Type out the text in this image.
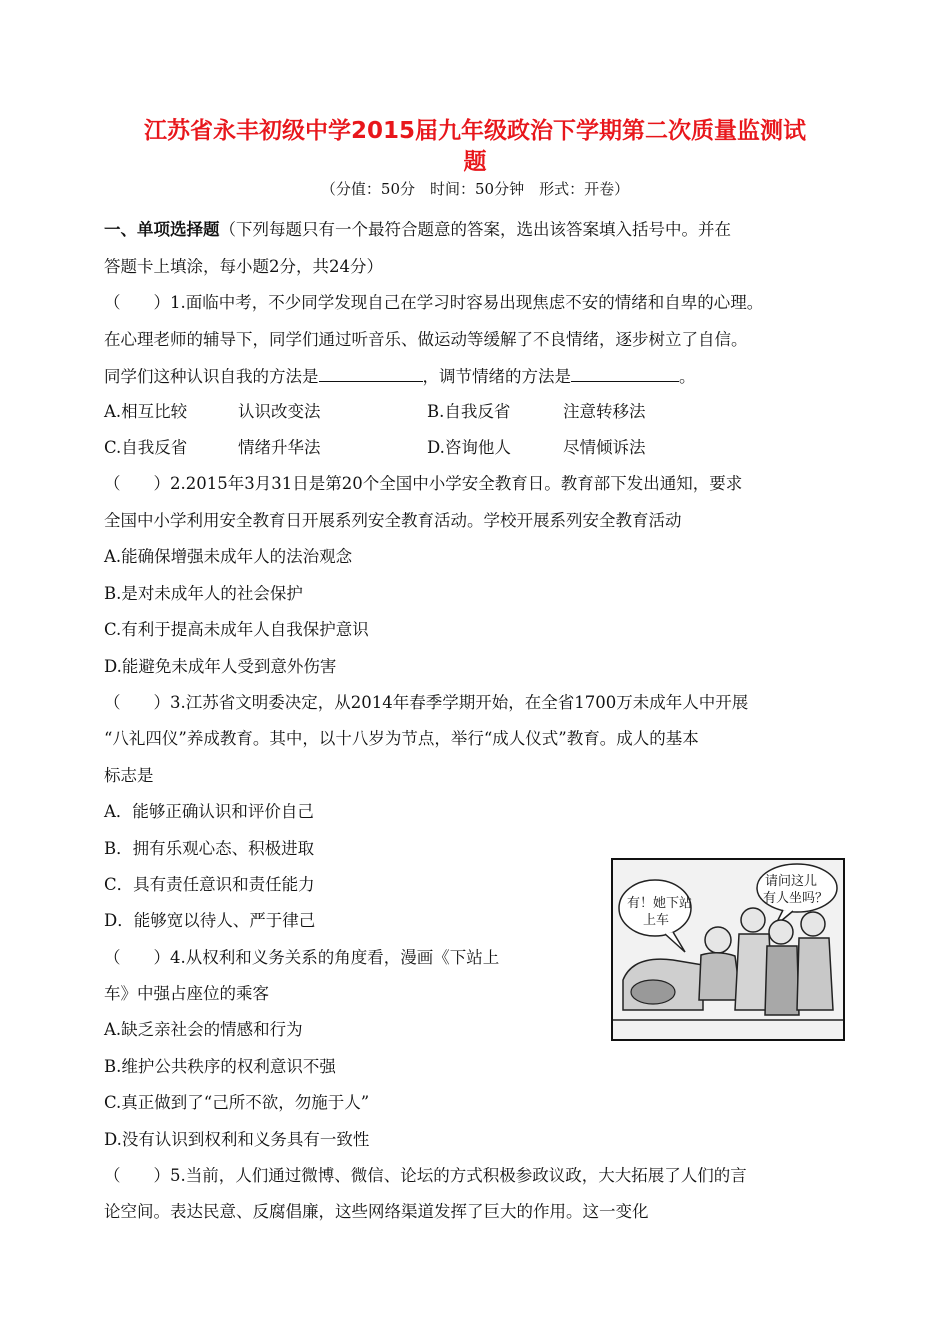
江苏省永丰初级中学2015届九年级政治下学期第二次质量监测试
题
（分值：50分　时间：50分钟　形式：开卷）
一、单项选择题（下列每题只有一个最符合题意的答案，选出该答案填入括号中。并在
答题卡上填涂，每小题2分，共24分）
（　　）1.面临中考，不少同学发现自己在学习时容易出现焦虑不安的情绪和自卑的心理。
在心理老师的辅导下，同学们通过听音乐、做运动等缓解了不良情绪，逐步树立了自信。
同学们这种认识自我的方法是	，调节情绪的方法是	。
A.相互比较	认识改变法	B.自我反省	注意转移法
C.自我反省	情绪升华法	D.咨询他人	尽情倾诉法
（　　）2.2015年3月31日是第20个全国中小学安全教育日。教育部下发出通知，要求
全国中小学利用安全教育日开展系列安全教育活动。学校开展系列安全教育活动
A.能确保增强未成年人的法治观念
B.是对未成年人的社会保护
C.有利于提高未成年人自我保护意识
D.能避免未成年人受到意外伤害
（　　）3.江苏省文明委决定，从2014年春季学期开始，在全省1700万未成年人中开展
“八礼四仪”养成教育。其中，以十八岁为节点，举行“成人仪式”教育。成人的基本
标志是
A．能够正确认识和评价自己
B．拥有乐观心态、积极进取
C．具有责任意识和责任能力
D．能够宽以待人、严于律己
（　　）4.从权利和义务关系的角度看，漫画《下站上
车》中强占座位的乘客
A.缺乏亲社会的情感和行为
B.维护公共秩序的权利意识不强
C.真正做到了“己所不欲，勿施于人”
D.没有认识到权利和义务具有一致性
有！她下站
上车
请问这儿
有人坐吗？
（　　）5.当前，人们通过微博、微信、论坛的方式积极参政议政，大大拓展了人们的言
论空间。表达民意、反腐倡廉，这些网络渠道发挥了巨大的作用。这一变化
